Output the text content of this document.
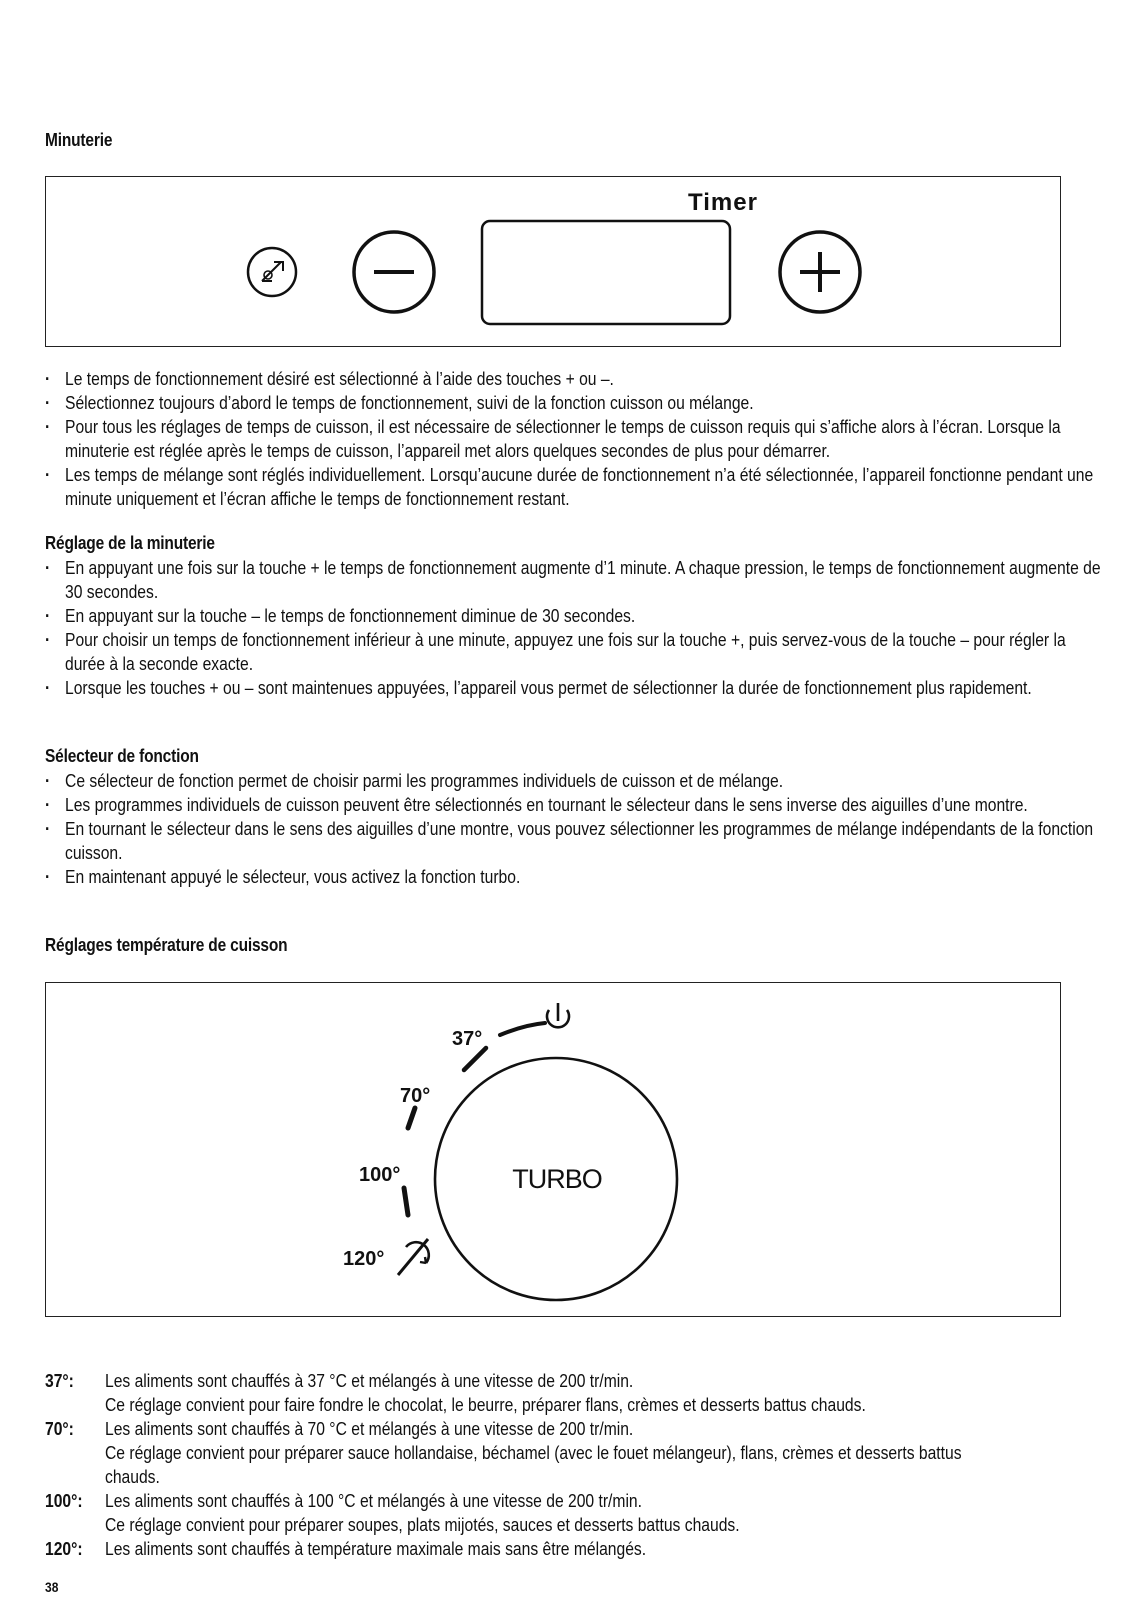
Minuterie
Timer
· Le temps de fonctionnement désiré est sélectionné à l’aide des touches + ou –.
· Sélectionnez toujours d’abord le temps de fonctionnement, suivi de la fonction cuisson ou mélange.
· Pour tous les réglages de temps de cuisson, il est nécessaire de sélectionner le temps de cuisson requis qui s’affiche alors à l’écran. Lorsque la minuterie est réglée après le temps de cuisson, l’appareil met alors quelques secondes de plus pour démarrer.
· Les temps de mélange sont réglés individuellement. Lorsqu’aucune durée de fonctionnement n’a été sélectionnée, l’appareil fonctionne pendant une minute uniquement et l’écran affiche le temps de fonctionnement restant.
Réglage de la minuterie
· En appuyant une fois sur la touche + le temps de fonctionnement augmente d’1 minute. A chaque pression, le temps de fonctionnement augmente de 30 secondes.
· En appuyant sur la touche – le temps de fonctionnement diminue de 30 secondes.
· Pour choisir un temps de fonctionnement inférieur à une minute, appuyez une fois sur la touche +, puis servez-vous de la touche – pour régler la durée à la seconde exacte.
· Lorsque les touches + ou – sont maintenues appuyées, l’appareil vous permet de sélectionner la durée de fonctionnement plus rapidement.
Sélecteur de fonction
· Ce sélecteur de fonction permet de choisir parmi les programmes individuels de cuisson et de mélange.
· Les programmes individuels de cuisson peuvent être sélectionnés en tournant le sélecteur dans le sens inverse des aiguilles d’une montre.
· En tournant le sélecteur dans le sens des aiguilles d’une montre, vous pouvez sélectionner les programmes de mélange indépendants de la fonction cuisson.
· En maintenant appuyé le sélecteur, vous activez la fonction turbo.
Réglages température de cuisson
37°
70°
100°
120°
TURBO
37°:	Les aliments sont chauffés à 37 °C et mélangés à une vitesse de 200 tr/min.
Ce réglage convient pour faire fondre le chocolat, le beurre, préparer flans, crèmes et desserts battus chauds.
70°:	Les aliments sont chauffés à 70 °C et mélangés à une vitesse de 200 tr/min.
Ce réglage convient pour préparer sauce hollandaise, béchamel (avec le fouet mélangeur), flans, crèmes et desserts battus
chauds.
100°:	Les aliments sont chauffés à 100 °C et mélangés à une vitesse de 200 tr/min.
Ce réglage convient pour préparer soupes, plats mijotés, sauces et desserts battus chauds.
120°:	Les aliments sont chauffés à température maximale mais sans être mélangés.
38
